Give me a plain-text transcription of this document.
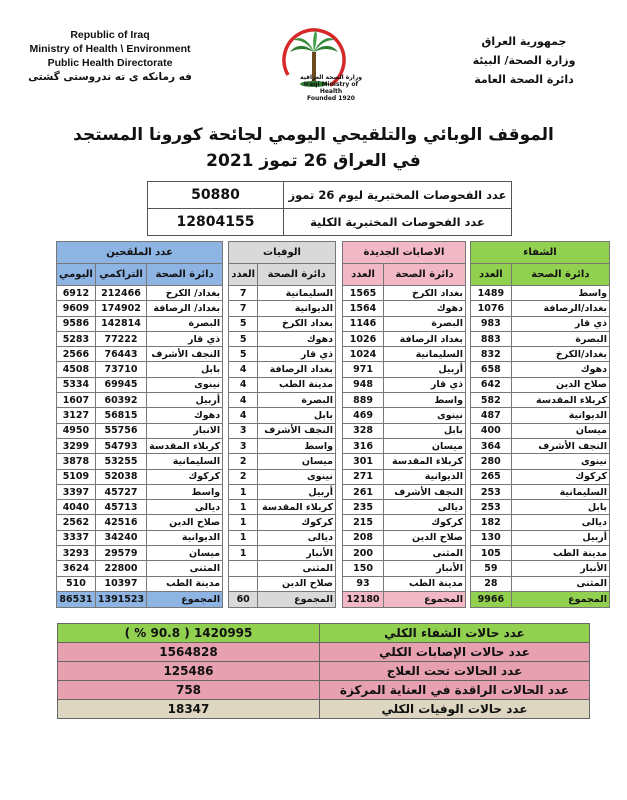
Republic of Iraq
Ministry of Health \ Environment
Public Health Directorate
فه رمانكه ى ته ندروستى گشتى	وزارة الصحة العراقية
Iraqi Ministry of Health
Founded 1920
جمهورية العراق
وزارة الصحة/ البيئة
دائرة الصحة العامة
الموقف الوبائي والتلقيحي اليومي لجائحة كورونا المستجد
في العراق 26 تموز 2021
عدد الفحوصات المختبرية ليوم 26 تموز	50880
عدد الفحوصات المختبرية الكلية	12804155
الشفاء	
دائرة الصحة	العدد
واسط	1489
بغداد/الرصافة	1076
ذي قار	983
البصرة	883
بغداد/الكرخ	832
دهوك	658
صلاح الدين	642
كربلاء المقدسة	582
الديوانية	487
ميسان	400
النجف الأشرف	364
نينوى	280
كركوك	265
السليمانية	253
بابل	253
ديالى	182
أربيل	130
مدينة الطب	105
الأنبار	59
المثنى	28
المجموع	9966
الاصابات الجديدة	
دائرة الصحة	العدد
بغداد الكرخ	1565
دهوك	1564
البصرة	1146
بغداد الرصافة	1026
السليمانية	1024
أربيل	971
ذي قار	948
واسط	889
نينوى	469
بابل	328
ميسان	316
كربلاء المقدسة	301
الديوانية	271
النجف الأشرف	261
ديالى	235
كركوك	215
صلاح الدين	208
المثنى	200
الأنبار	150
مدينة الطب	93
المجموع	12180
الوفيات	
دائرة الصحة	العدد
السليمانية	7
الديوانية	7
بغداد الكرخ	5
دهوك	5
ذي قار	5
بغداد الرصافة	4
مدينة الطب	4
البصرة	4
بابل	4
النجف الأشرف	3
واسط	3
ميسان	2
نينوى	2
أربيل	1
كربلاء المقدسة	1
كركوك	1
ديالى	1
الأنبار	1
المثنى	
صلاح الدين	
المجموع	60
عدد الملقحين		
دائرة الصحة	التراكمي	اليومي
بغداد/ الكرخ	212466	6912
بغداد/ الرصافة	174902	9609
البصرة	142814	9586
ذي قار	77222	5283
النجف الأشرف	76443	2566
بابل	73710	4508
نينوى	69945	5334
أربيل	60392	1607
دهوك	56815	3127
الانبار	55756	4950
كربلاء المقدسة	54793	3299
السليمانية	53255	3878
كركوك	52038	5109
واسط	45727	3397
ديالى	45713	4040
صلاح الدين	42516	2562
الديوانية	34240	3337
ميسان	29579	3293
المثنى	22800	3624
مدينة الطب	10397	510
المجموع	1391523	86531
عدد حالات الشفاء الكلي	1420995 ( 90.8 % )
عدد حالات الإصابات الكلي	1564828
عدد الحالات تحت العلاج	125486
عدد الحالات الراقدة في العناية المركزة	758
عدد حالات الوفيات الكلي	18347
